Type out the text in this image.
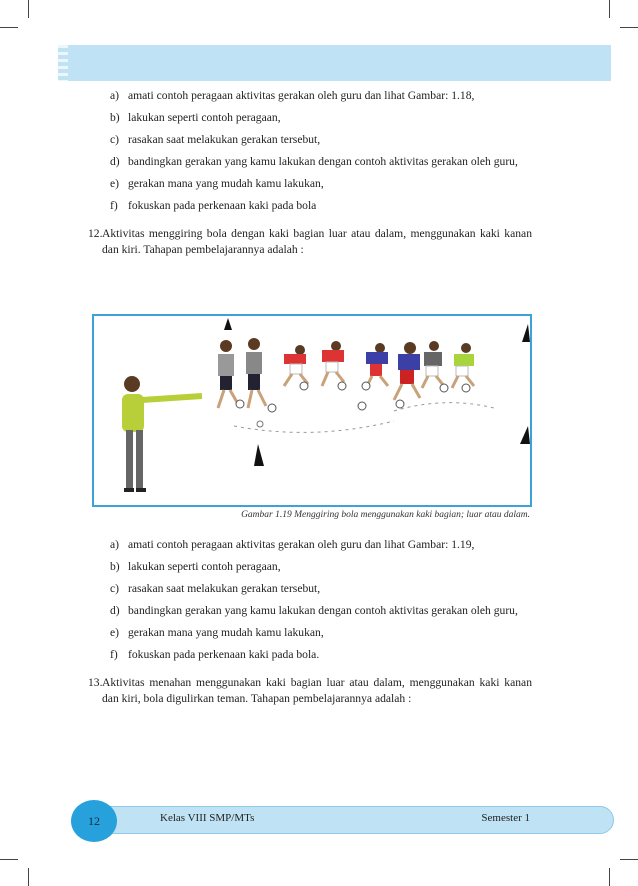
a) amati contoh peragaan aktivitas gerakan oleh guru dan lihat Gambar: 1.18,
b) lakukan seperti contoh peragaan,
c) rasakan saat melakukan gerakan tersebut,
d) bandingkan gerakan yang kamu lakukan dengan contoh aktivitas gerakan oleh guru,
e) gerakan mana yang mudah kamu lakukan,
f) fokuskan pada perkenaan kaki pada bola
12. Aktivitas menggiring bola dengan kaki bagian luar atau dalam, menggunakan kaki kanan dan kiri. Tahapan pembelajarannya adalah :
Gambar 1.19 Menggiring bola menggunakan kaki bagian; luar atau dalam.
a) amati contoh peragaan aktivitas gerakan oleh guru dan lihat Gambar: 1.19,
b) lakukan seperti contoh peragaan,
c) rasakan saat melakukan gerakan tersebut,
d) bandingkan gerakan yang kamu lakukan dengan contoh aktivitas gerakan oleh guru,
e) gerakan mana yang mudah kamu lakukan,
f) fokuskan pada perkenaan kaki pada bola.
13. Aktivitas menahan menggunakan kaki bagian luar atau dalam, menggunakan kaki kanan dan kiri, bola digulirkan teman. Tahapan pembelajarannya adalah :
12	Kelas VIII SMP/MTs	Semester 1
